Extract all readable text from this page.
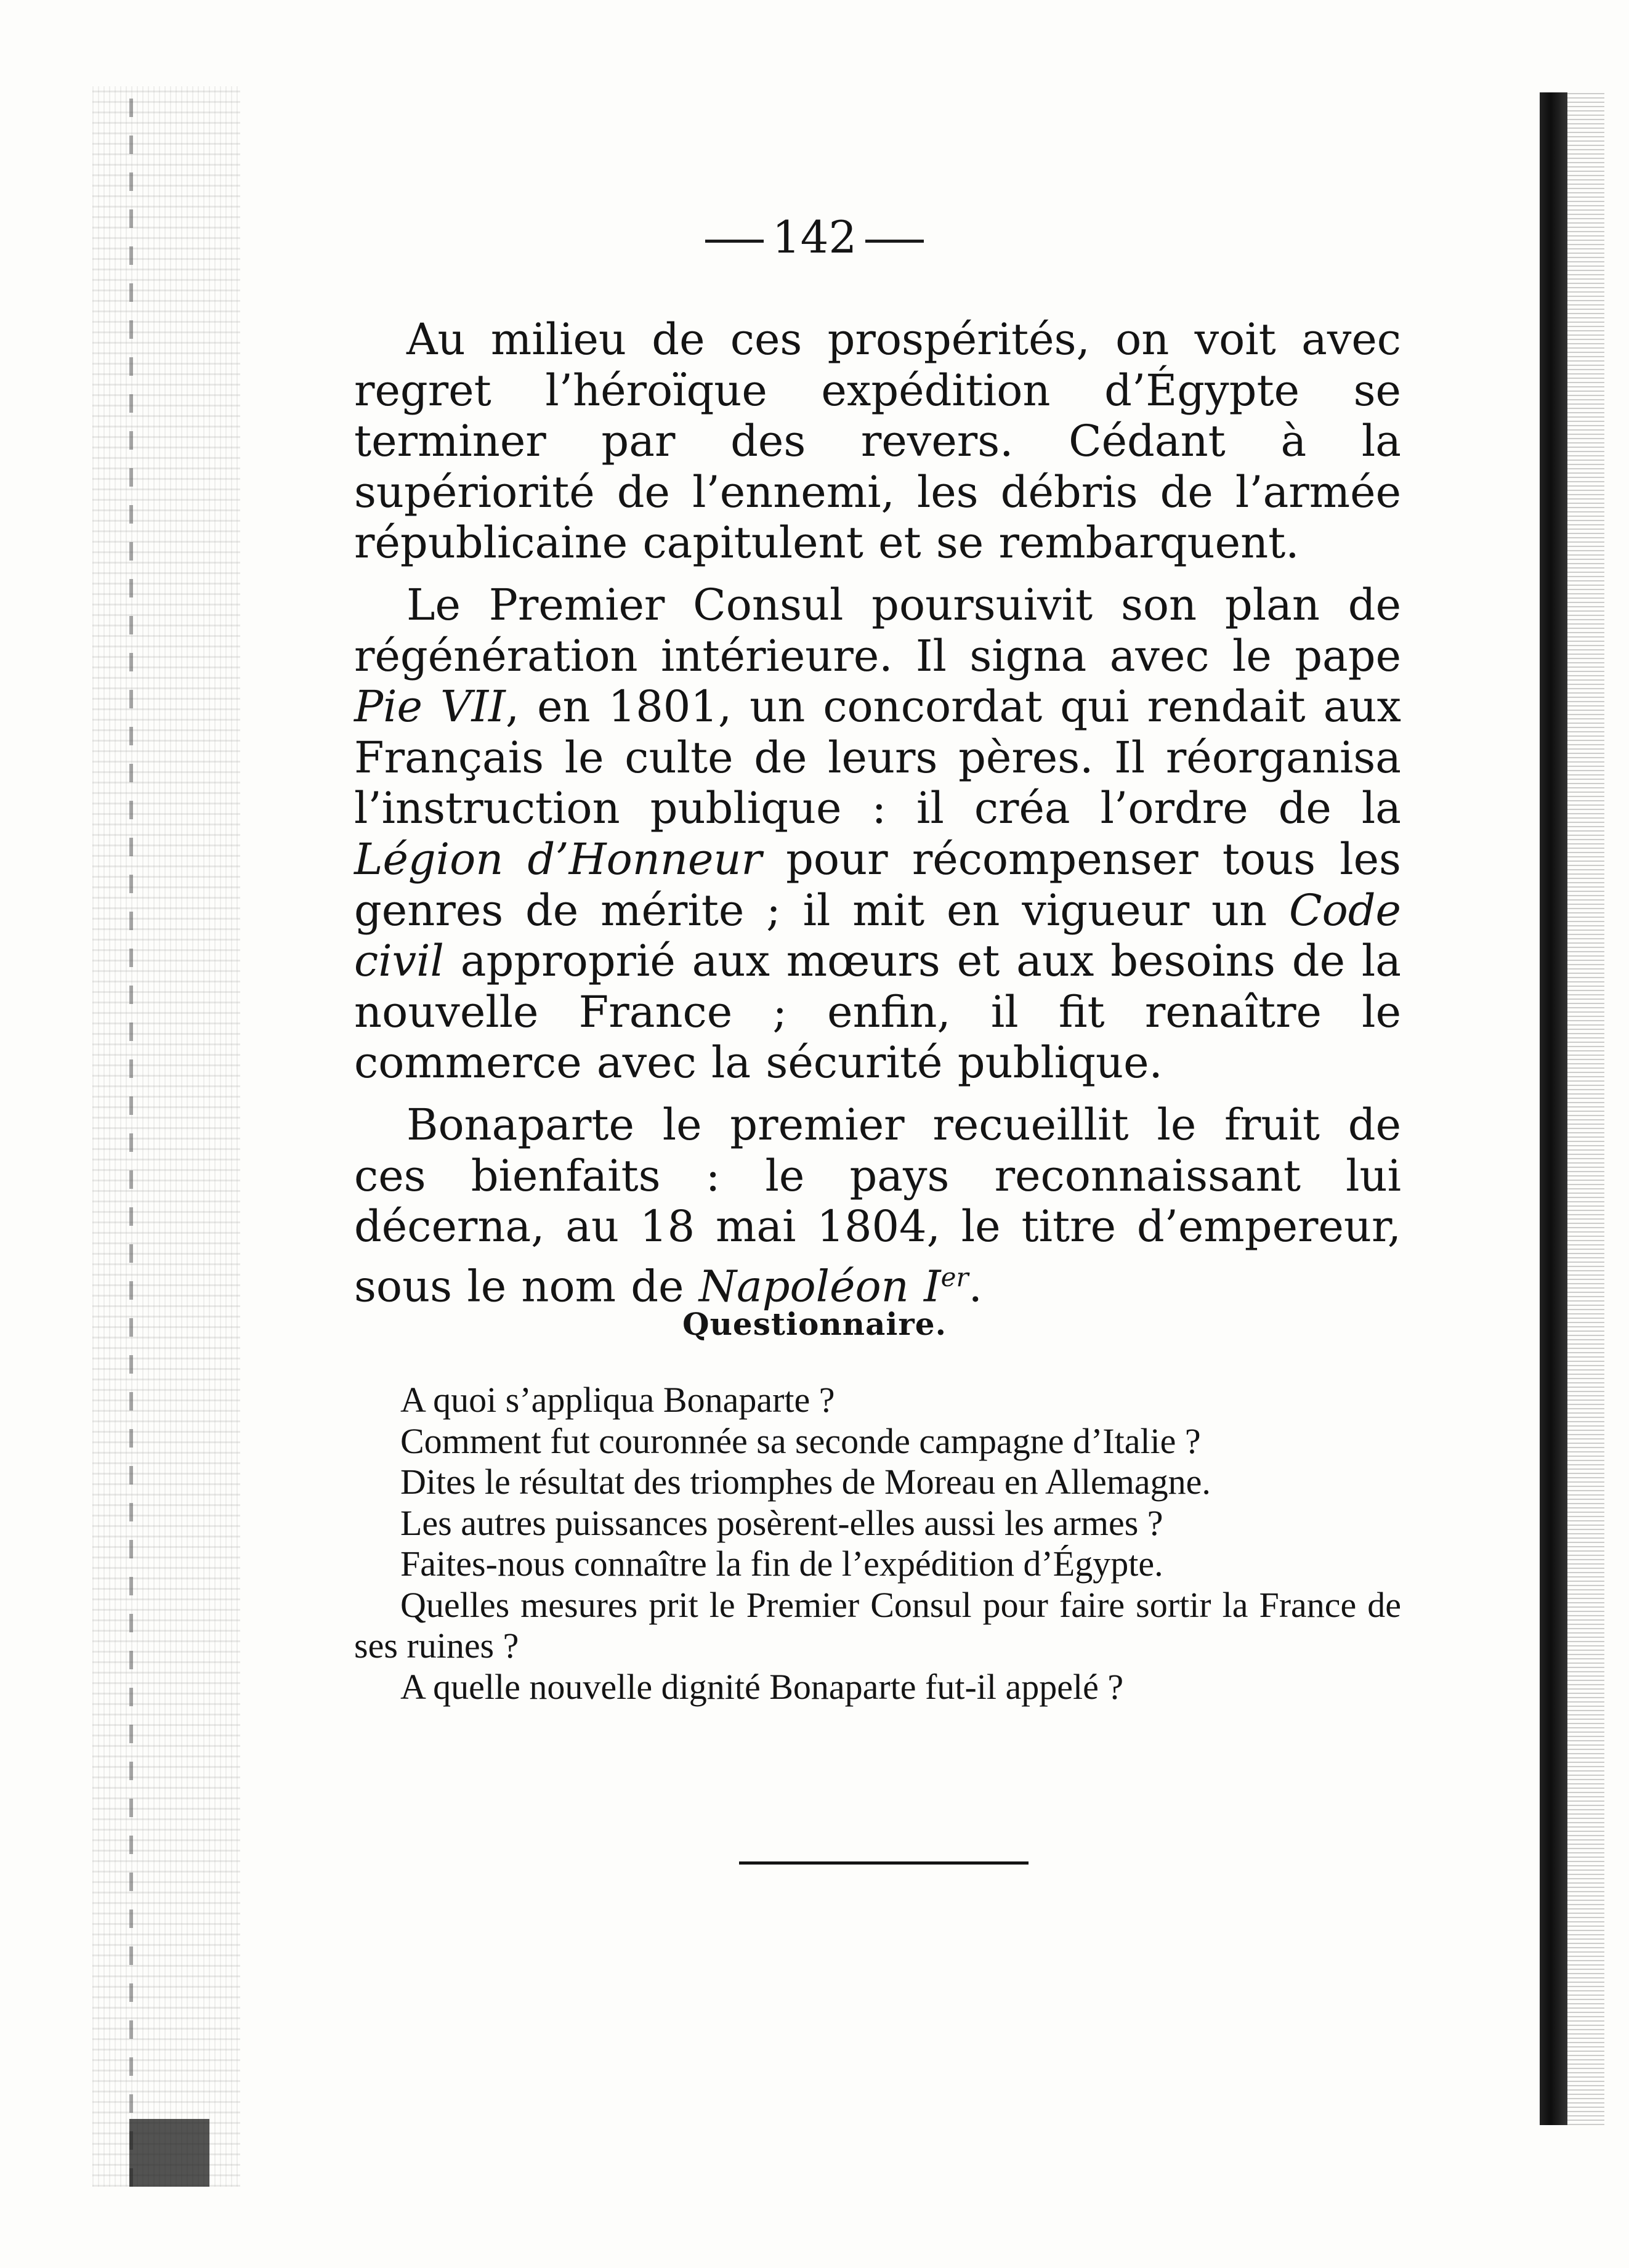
142

Au milieu de ces prospérités, on voit avec regret l’héroïque expédition d’Égypte se terminer par des revers. Cédant à la supériorité de l’ennemi, les débris de l’armée républicaine capitulent et se rembarquent.

Le Premier Consul poursuivit son plan de régénération intérieure. Il signa avec le pape Pie VII, en 1801, un concordat qui rendait aux Français le culte de leurs pères. Il réorganisa l’instruction publique : il créa l’ordre de la Légion d’Honneur pour récompenser tous les genres de mérite ; il mit en vigueur un Code civil approprié aux mœurs et aux besoins de la nouvelle France ; enfin, il fit renaître le commerce avec la sécurité publique.

Bonaparte le premier recueillit le fruit de ces bienfaits : le pays reconnaissant lui décerna, au 18 mai 1804, le titre d’empereur, sous le nom de Napoléon Ier.

Questionnaire.

A quoi s’appliqua Bonaparte ?

Comment fut couronnée sa seconde campagne d’Italie ?

Dites le résultat des triomphes de Moreau en Allemagne.

Les autres puissances posèrent-elles aussi les armes ?

Faites-nous connaître la fin de l’expédition d’Égypte.

Quelles mesures prit le Premier Consul pour faire sortir la France de ses ruines ?

A quelle nouvelle dignité Bonaparte fut-il appelé ?
